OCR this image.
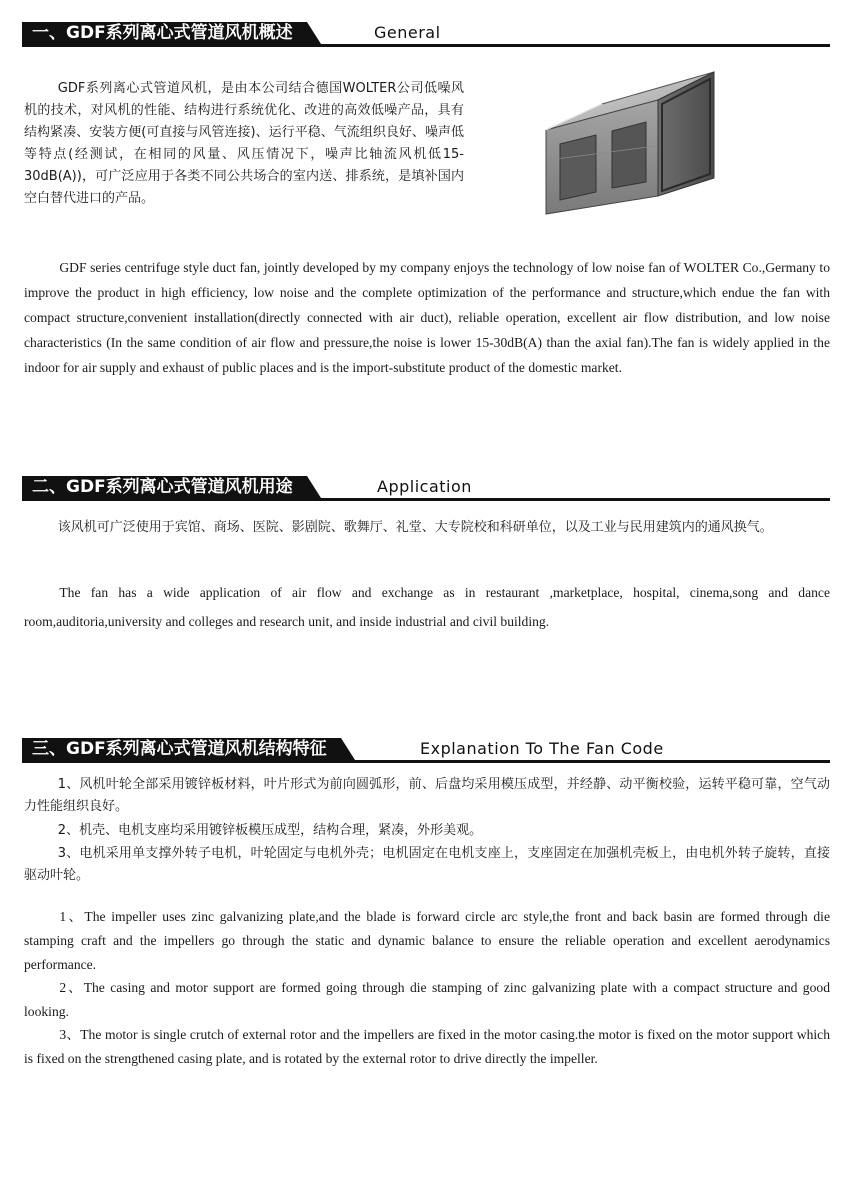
一、GDF系列离心式管道风机概述	General

GDF系列离心式管道风机，是由本公司结合德国WOLTER公司低噪风机的技术，对风机的性能、结构进行系统优化、改进的高效低噪产品，具有结构紧凑、安装方便(可直接与风管连接)、运行平稳、气流组织良好、噪声低等特点(经测试，在相同的风量、风压情况下，噪声比轴流风机低15-30dB(A))，可广泛应用于各类不同公共场合的室内送、排系统，是填补国内空白替代进口的产品。

GDF series centrifuge style duct fan, jointly developed by my company enjoys the technology of low noise fan of WOLTER Co.,Germany to improve the product in high efficiency, low noise and the complete optimization of the performance and structure,which endue the fan with compact structure,convenient installation(directly connected with air duct), reliable operation, excellent air flow distribution, and low noise characteristics (In the same condition of air flow and pressure,the noise is lower 15-30dB(A) than the axial fan).The fan is widely applied in the indoor for air supply and exhaust of public places and is the import-substitute product of the domestic market.

二、GDF系列离心式管道风机用途	Application

该风机可广泛使用于宾馆、商场、医院、影剧院、歌舞厅、礼堂、大专院校和科研单位，以及工业与民用建筑内的通风换气。

The fan has a wide application of air flow and exchange as in restaurant ,marketplace, hospital, cinema,song and dance room,auditoria,university and colleges and research unit, and inside industrial and civil building.

三、GDF系列离心式管道风机结构特征	Explanation To The Fan Code

1、风机叶轮全部采用镀锌板材料，叶片形式为前向圆弧形，前、后盘均采用模压成型，并经静、动平衡校验，运转平稳可靠，空气动力性能组织良好。

2、机壳、电机支座均采用镀锌板模压成型，结构合理，紧凑，外形美观。

3、电机采用单支撑外转子电机，叶轮固定与电机外壳；电机固定在电机支座上，支座固定在加强机壳板上，由电机外转子旋转，直接驱动叶轮。

1、The impeller uses zinc galvanizing plate,and the blade is forward circle arc style,the front and back basin are formed through die stamping craft and the impellers go through the static and dynamic balance to ensure the reliable operation and excellent aerodynamics performance.

2、The casing and motor support are formed going through die stamping of zinc galvanizing plate with a compact structure and good looking.

3、The motor is single crutch of external rotor and the impellers are fixed in the motor casing.the motor is fixed on the motor support which is fixed on the strengthened casing plate, and is rotated by the external rotor to drive directly the impeller.
